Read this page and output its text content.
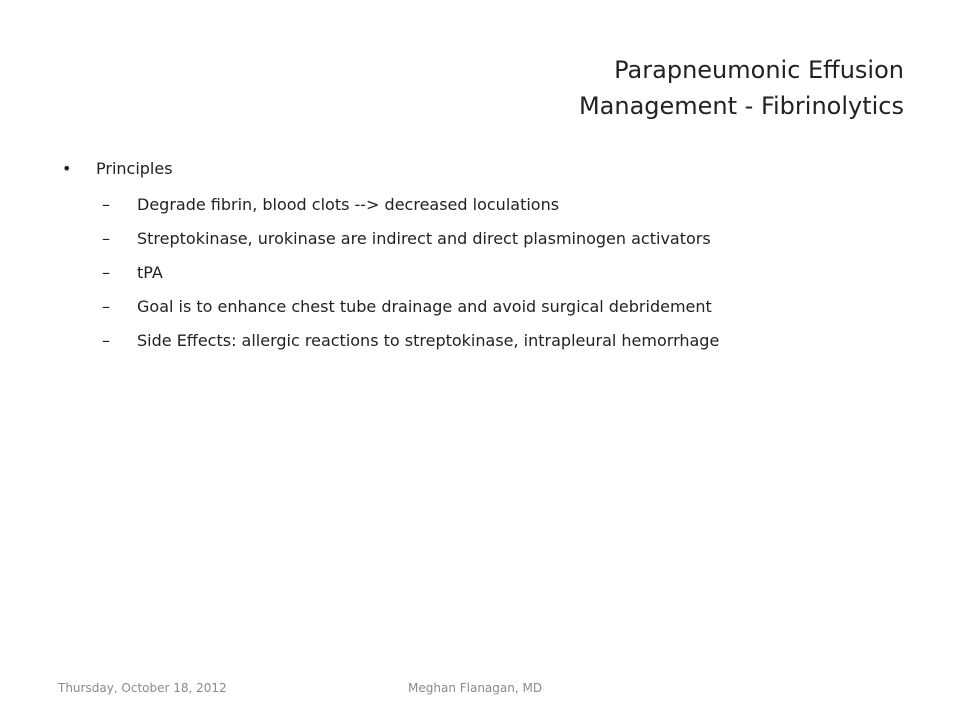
Parapneumonic Effusion
Management - Fibrinolytics
• Principles
– Degrade fibrin, blood clots --> decreased loculations
– Streptokinase, urokinase are indirect and direct plasminogen activators
– tPA
– Goal is to enhance chest tube drainage and avoid surgical debridement
– Side Effects: allergic reactions to streptokinase, intrapleural hemorrhage
Thursday, October 18, 2012	Meghan Flanagan, MD
